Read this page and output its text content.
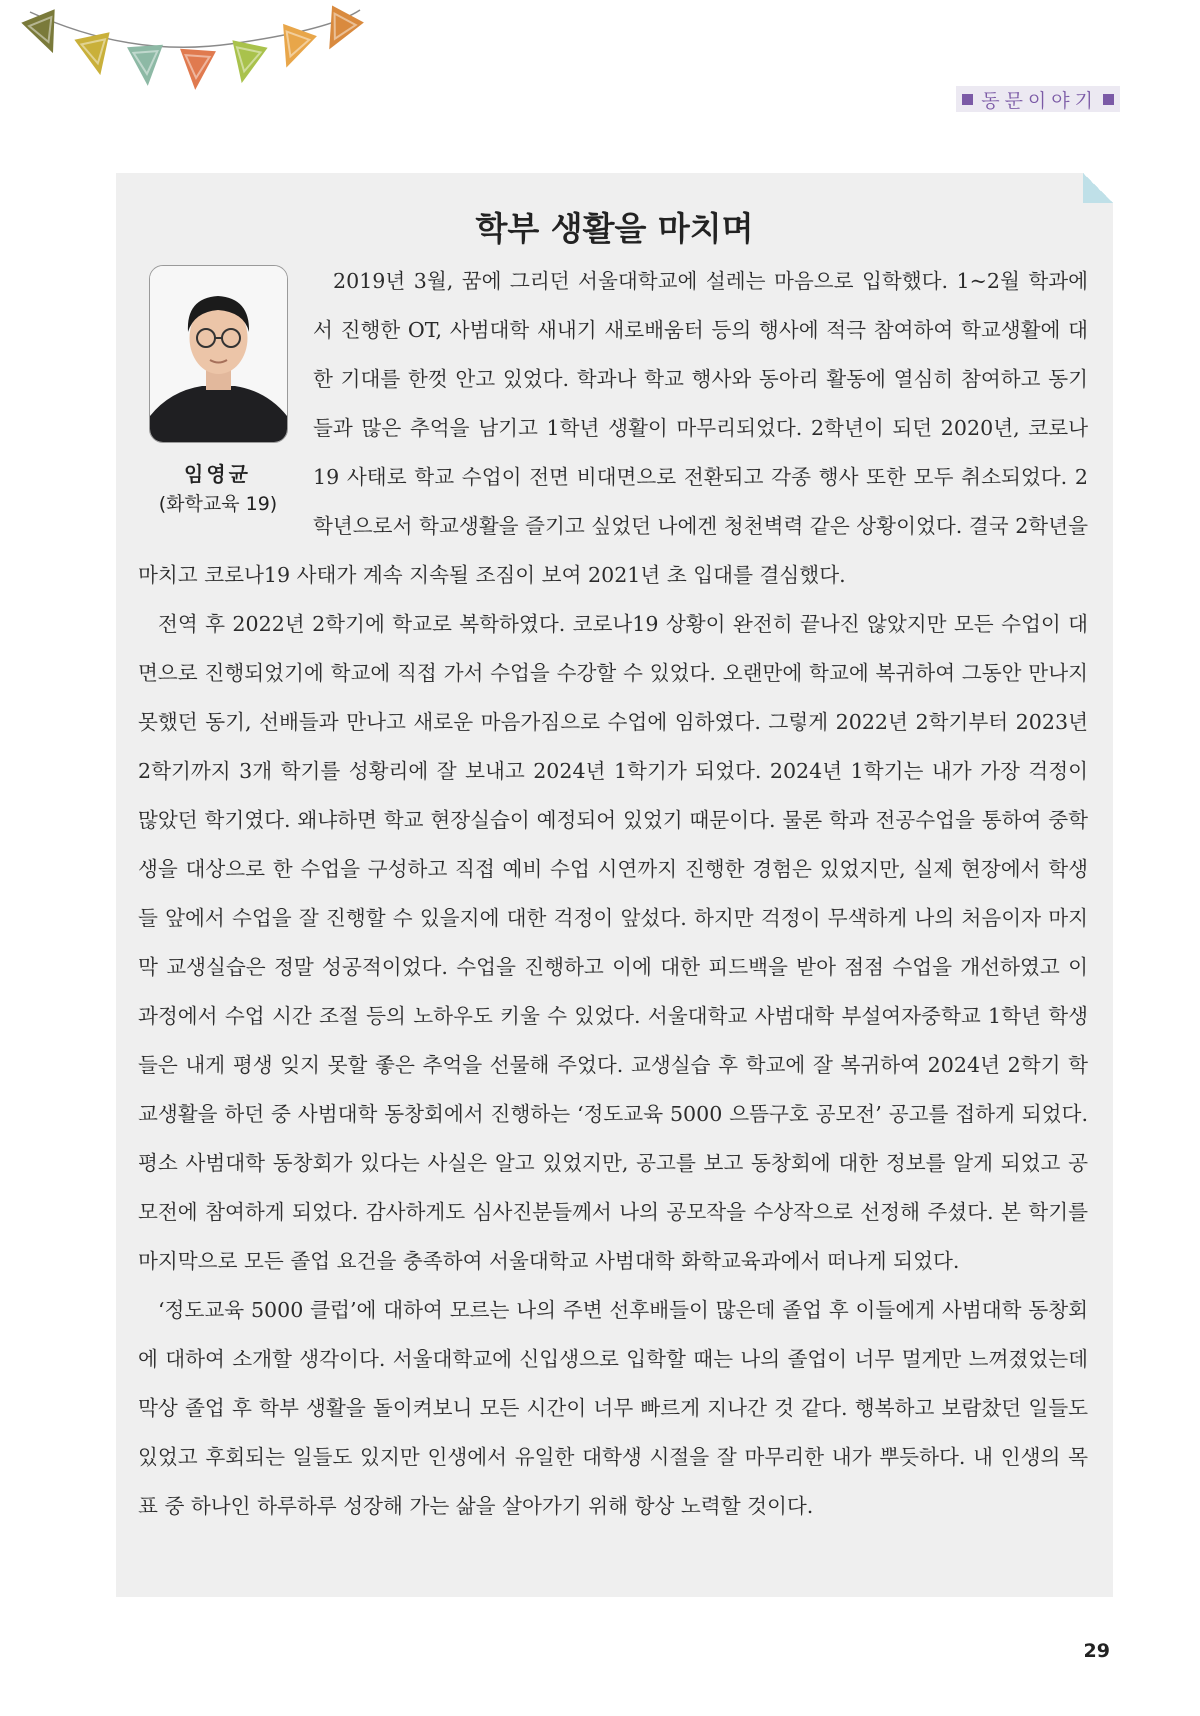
동문이야기
학부 생활을 마치며

2019년 3월, 꿈에 그리던 서울대학교에 설레는 마음으로 입학했다. 1~2월 학과에서 진행한 OT, 사범대학 새내기 새로배움터 등의 행사에 적극 참여하여 학교생활에 대한 기대를 한껏 안고 있었다. 학과나 학교 행사와 동아리 활동에 열심히 참여하고 동기들과 많은 추억을 남기고 1학년 생활이 마무리되었다. 2학년이 되던 2020년, 코로나19 사태로 학교 수업이 전면 비대면으로 전환되고 각종 행사 또한 모두 취소되었다. 2학년으로서 학교생활을 즐기고 싶었던 나에겐 청천벽력 같은 상황이었다. 결국 2학년을 마치고 코로나19 사태가 계속 지속될 조짐이 보여 2021년 초 입대를 결심했다.

전역 후 2022년 2학기에 학교로 복학하였다. 코로나19 상황이 완전히 끝나진 않았지만 모든 수업이 대면으로 진행되었기에 학교에 직접 가서 수업을 수강할 수 있었다. 오랜만에 학교에 복귀하여 그동안 만나지 못했던 동기, 선배들과 만나고 새로운 마음가짐으로 수업에 임하였다. 그렇게 2022년 2학기부터 2023년 2학기까지 3개 학기를 성황리에 잘 보내고 2024년 1학기가 되었다. 2024년 1학기는 내가 가장 걱정이 많았던 학기였다. 왜냐하면 학교 현장실습이 예정되어 있었기 때문이다. 물론 학과 전공수업을 통하여 중학생을 대상으로 한 수업을 구성하고 직접 예비 수업 시연까지 진행한 경험은 있었지만, 실제 현장에서 학생들 앞에서 수업을 잘 진행할 수 있을지에 대한 걱정이 앞섰다. 하지만 걱정이 무색하게 나의 처음이자 마지막 교생실습은 정말 성공적이었다. 수업을 진행하고 이에 대한 피드백을 받아 점점 수업을 개선하였고 이 과정에서 수업 시간 조절 등의 노하우도 키울 수 있었다. 서울대학교 사범대학 부설여자중학교 1학년 학생들은 내게 평생 잊지 못할 좋은 추억을 선물해 주었다. 교생실습 후 학교에 잘 복귀하여 2024년 2학기 학교생활을 하던 중 사범대학 동창회에서 진행하는 ‘정도교육 5000 으뜸구호 공모전’ 공고를 접하게 되었다. 평소 사범대학 동창회가 있다는 사실은 알고 있었지만, 공고를 보고 동창회에 대한 정보를 알게 되었고 공모전에 참여하게 되었다. 감사하게도 심사진분들께서 나의 공모작을 수상작으로 선정해 주셨다. 본 학기를 마지막으로 모든 졸업 요건을 충족하여 서울대학교 사범대학 화학교육과에서 떠나게 되었다.

‘정도교육 5000 클럽’에 대하여 모르는 나의 주변 선후배들이 많은데 졸업 후 이들에게 사범대학 동창회에 대하여 소개할 생각이다. 서울대학교에 신입생으로 입학할 때는 나의 졸업이 너무 멀게만 느껴졌었는데 막상 졸업 후 학부 생활을 돌이켜보니 모든 시간이 너무 빠르게 지나간 것 같다. 행복하고 보람찼던 일들도 있었고 후회되는 일들도 있지만 인생에서 유일한 대학생 시절을 잘 마무리한 내가 뿌듯하다. 내 인생의 목표 중 하나인 하루하루 성장해 가는 삶을 살아가기 위해 항상 노력할 것이다.

임영균
(화학교육 19)
29
